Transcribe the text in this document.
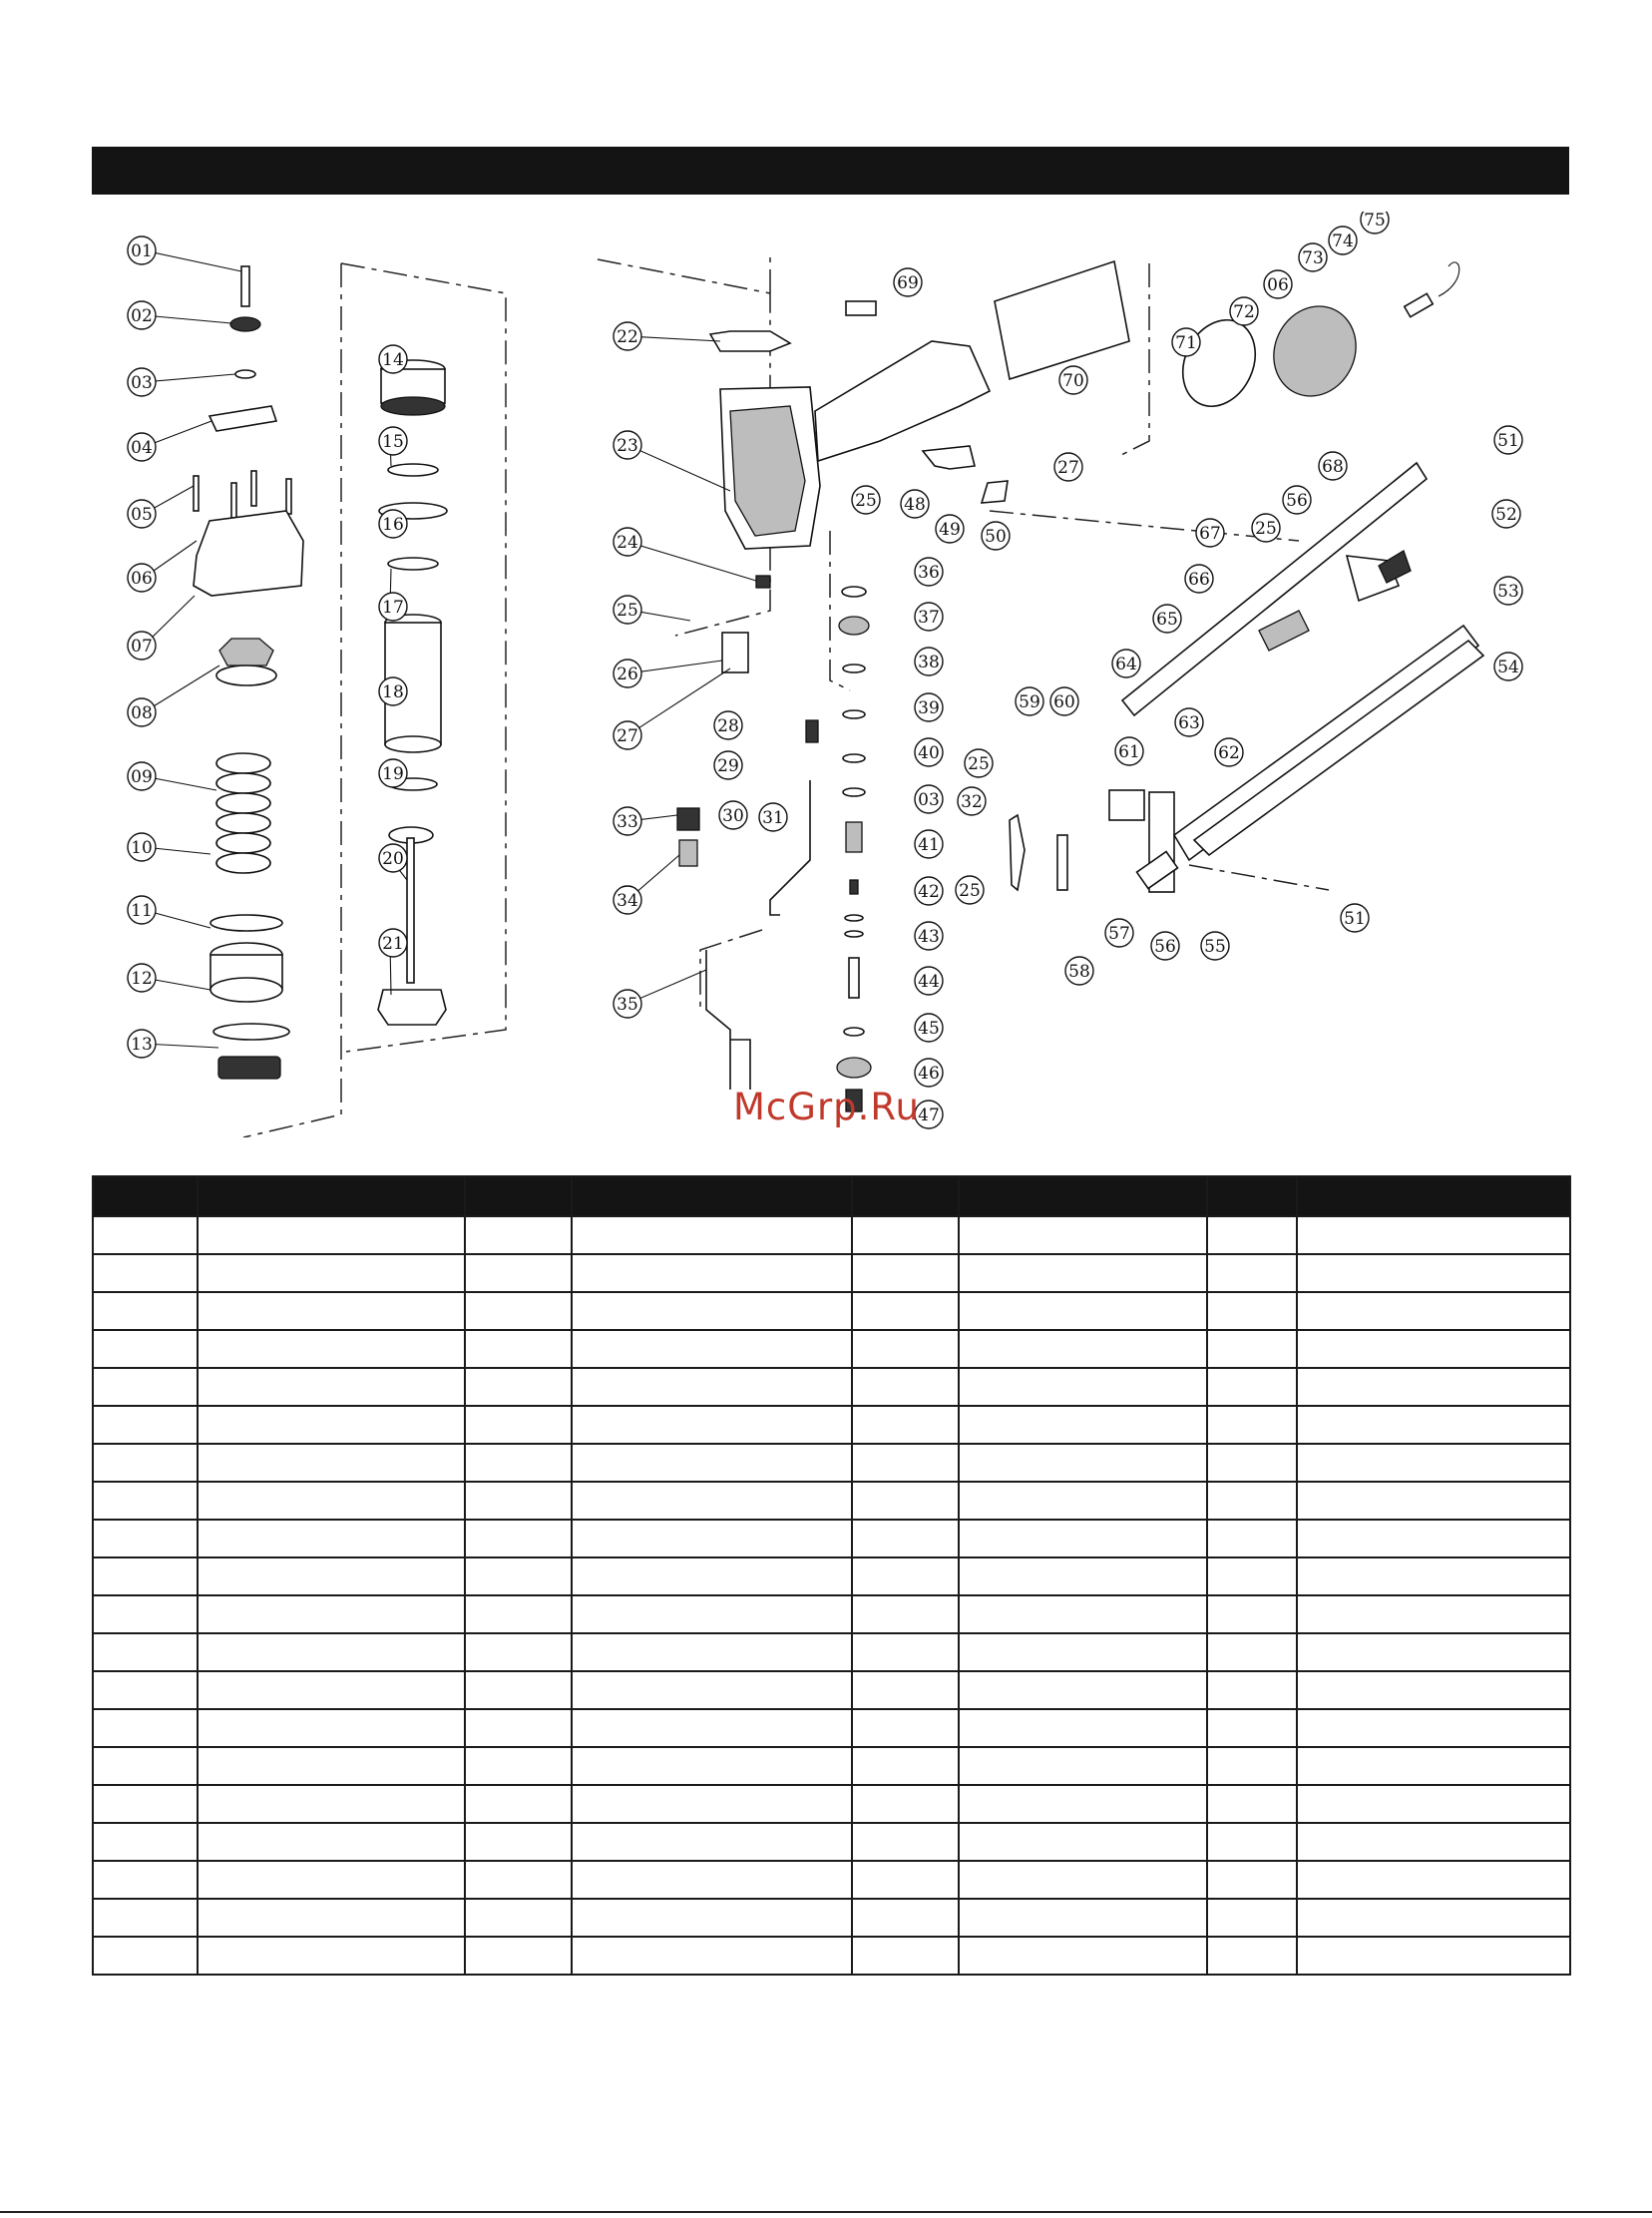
01
02
03
04
05
06
07
08
09
10
11
12
13
14
15
16
17
18
19
20
21
22
23
24
25
26
27	28
29
30 31
33
34
35
69
70
25 48
49 50
27
36
37
38
39
40
03
41
42
43
44
45
46
47
71
72
06
73
74
75
51
52
53
54
68
56
25
67
66
65
64
63
62
59 60
61
25
32
25
57
58
56 55
51
McGrp.Ru
